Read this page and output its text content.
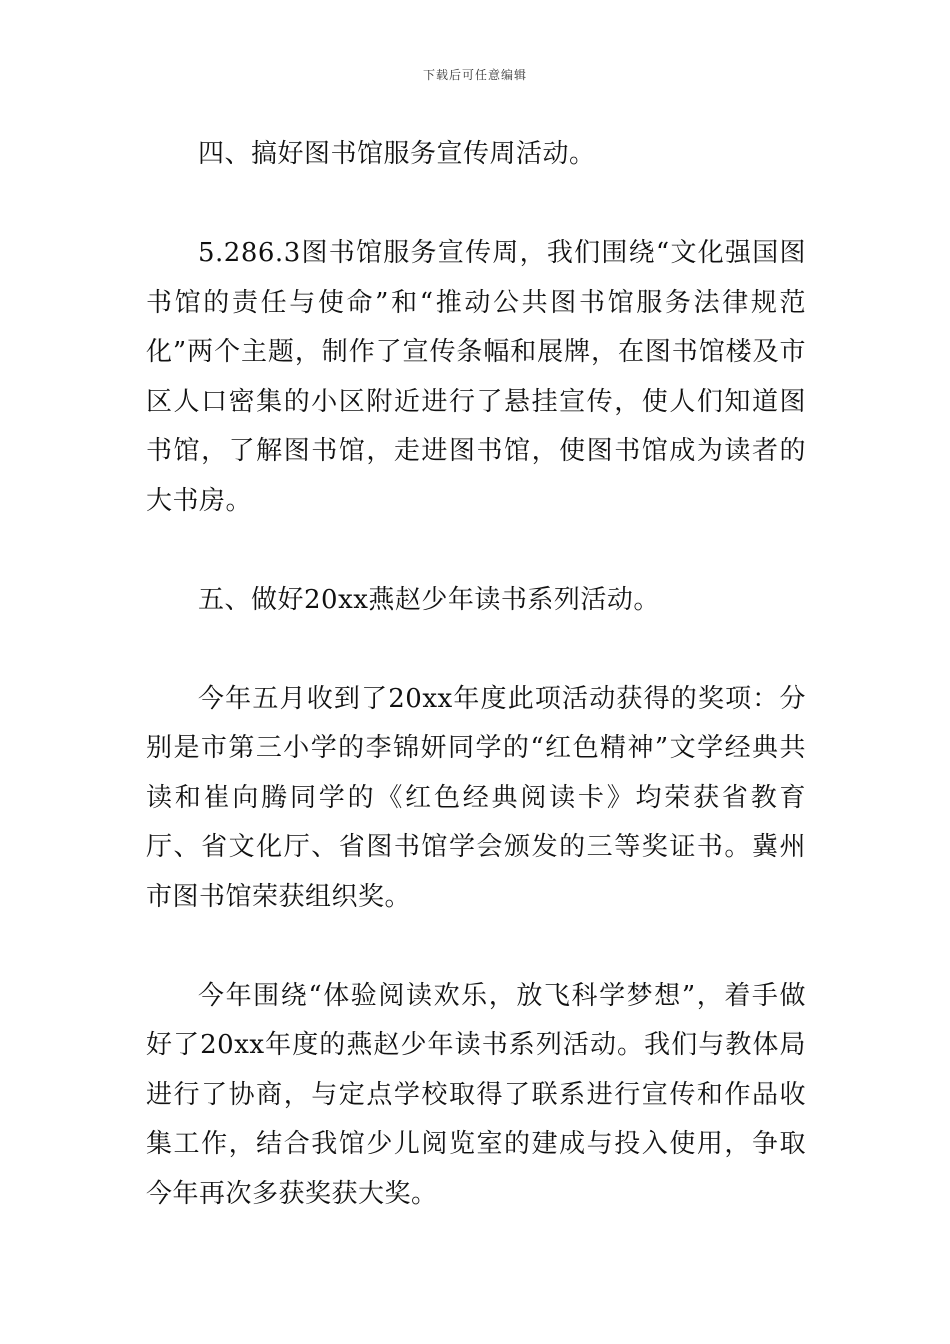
下载后可任意编辑

四、搞好图书馆服务宣传周活动。

5.286.3图书馆服务宣传周，我们围绕“文化强国图书馆的责任与使命”和“推动公共图书馆服务法律规范化”两个主题，制作了宣传条幅和展牌，在图书馆楼及市区人口密集的小区附近进行了悬挂宣传，使人们知道图书馆，了解图书馆，走进图书馆，使图书馆成为读者的大书房。

五、做好20xx燕赵少年读书系列活动。

今年五月收到了20xx年度此项活动获得的奖项：分别是市第三小学的李锦妍同学的“红色精神”文学经典共读和崔向腾同学的《红色经典阅读卡》均荣获省教育厅、省文化厅、省图书馆学会颁发的三等奖证书。冀州市图书馆荣获组织奖。

今年围绕“体验阅读欢乐，放飞科学梦想”，着手做好了20xx年度的燕赵少年读书系列活动。我们与教体局进行了协商，与定点学校取得了联系进行宣传和作品收集工作，结合我馆少儿阅览室的建成与投入使用，争取今年再次多获奖获大奖。
